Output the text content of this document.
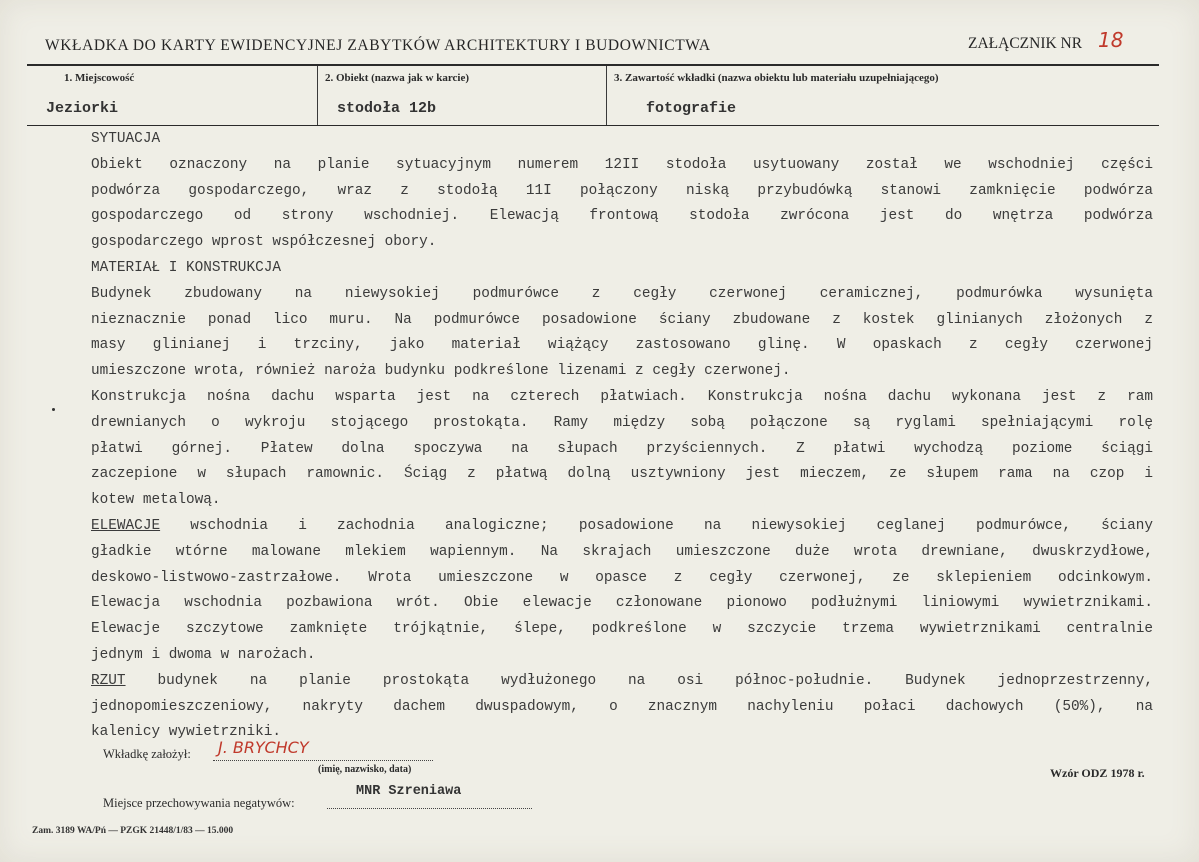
WKŁADKA DO KARTY EWIDENCYJNEJ ZABYTKÓW ARCHITEKTURY I BUDOWNICTWA	ZAŁĄCZNIK NR 18
1. Miejscowość	2. Obiekt (nazwa jak w karcie)	3. Zawartość wkładki (nazwa obiektu lub materiału uzupełniającego)
Jeziorki	stodoła 12b	fotografie
SYTUACJA
Obiekt oznaczony na planie sytuacyjnym numerem 12II stodoła usytuowany został we wschodniej części
podwórza gospodarczego, wraz z stodołą 11I połączony niską przybudówką stanowi zamknięcie podwórza
gospodarczego od strony wschodniej. Elewacją frontową stodoła zwrócona jest do wnętrza podwórza
gospodarczego wprost współczesnej obory.
MATERIAŁ I KONSTRUKCJA
Budynek zbudowany na niewysokiej podmurówce z cegły czerwonej ceramicznej, podmurówka wysunięta
nieznacznie ponad lico muru. Na podmurówce posadowione ściany zbudowane z kostek glinianych złożonych z
masy glinianej i trzciny, jako materiał wiążący zastosowano glinę. W opaskach z cegły czerwonej
umieszczone wrota, również naroża budynku podkreślone lizenami z cegły czerwonej.
Konstrukcja nośna dachu wsparta jest na czterech płatwiach. Konstrukcja nośna dachu wykonana jest z ram
drewnianych o wykroju stojącego prostokąta. Ramy między sobą połączone są ryglami spełniającymi rolę
płatwi górnej. Płatew dolna spoczywa na słupach przyściennych. Z płatwi wychodzą poziome ściągi
zaczepione w słupach ramownic. Ściąg z płatwą dolną usztywniony jest mieczem, ze słupem rama na czop i
kotew metalową.
ELEWACJE wschodnia i zachodnia analogiczne; posadowione na niewysokiej ceglanej podmurówce, ściany
gładkie wtórne malowane mlekiem wapiennym. Na skrajach umieszczone duże wrota drewniane, dwuskrzydłowe,
deskowo-listwowo-zastrzałowe. Wrota umieszczone w opasce z cegły czerwonej, ze sklepieniem odcinkowym.
Elewacja wschodnia pozbawiona wrót. Obie elewacje członowane pionowo podłużnymi liniowymi wywietrznikami.
Elewacje szczytowe zamknięte trójkątnie, ślepe, podkreślone w szczycie trzema wywietrznikami centralnie
jednym i dwoma w narożach.
RZUT budynek na planie prostokąta wydłużonego na osi północ-południe. Budynek jednoprzestrzenny,
jednopomieszczeniowy, nakryty dachem dwuspadowym, o znacznym nachyleniu połaci dachowych (50%), na
kalenicy wywietrzniki.
Wkładkę założył: J. BRYCHCY
(imię, nazwisko, data)	Wzór ODZ 1978 r.
Miejsce przechowywania negatywów:
MNR Szreniawa
Zam. 3189 WA/Pń — PZGK 21448/1/83 — 15.000
